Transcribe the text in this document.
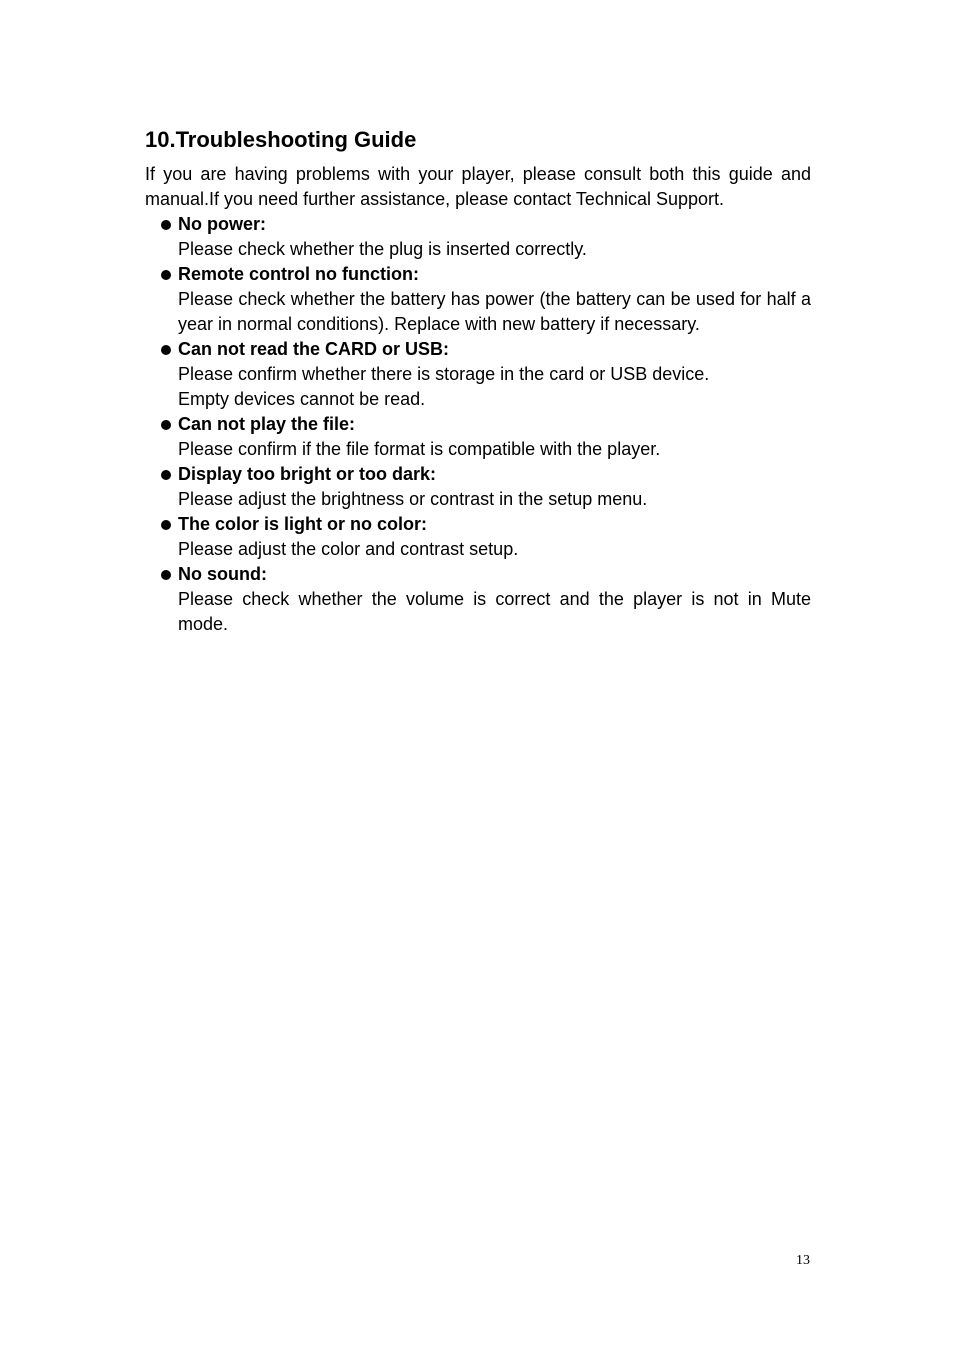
10.Troubleshooting Guide

If you are having problems with your player, please consult both this guide and manual.If you need further assistance, please contact Technical Support.

No power:
Please check whether the plug is inserted correctly.
Remote control no function:
Please check whether the battery has power (the battery can be used for half a year in normal conditions). Replace with new battery if necessary.
Can not read the CARD or USB:
Please confirm whether there is storage in the card or USB device.
Empty devices cannot be read.
Can not play the file:
Please confirm if the file format is compatible with the player.
Display too bright or too dark:
Please adjust the brightness or contrast in the setup menu.
The color is light or no color:
Please adjust the color and contrast setup.
No sound:
Please check whether the volume is correct and the player is not in Mute mode.
13
